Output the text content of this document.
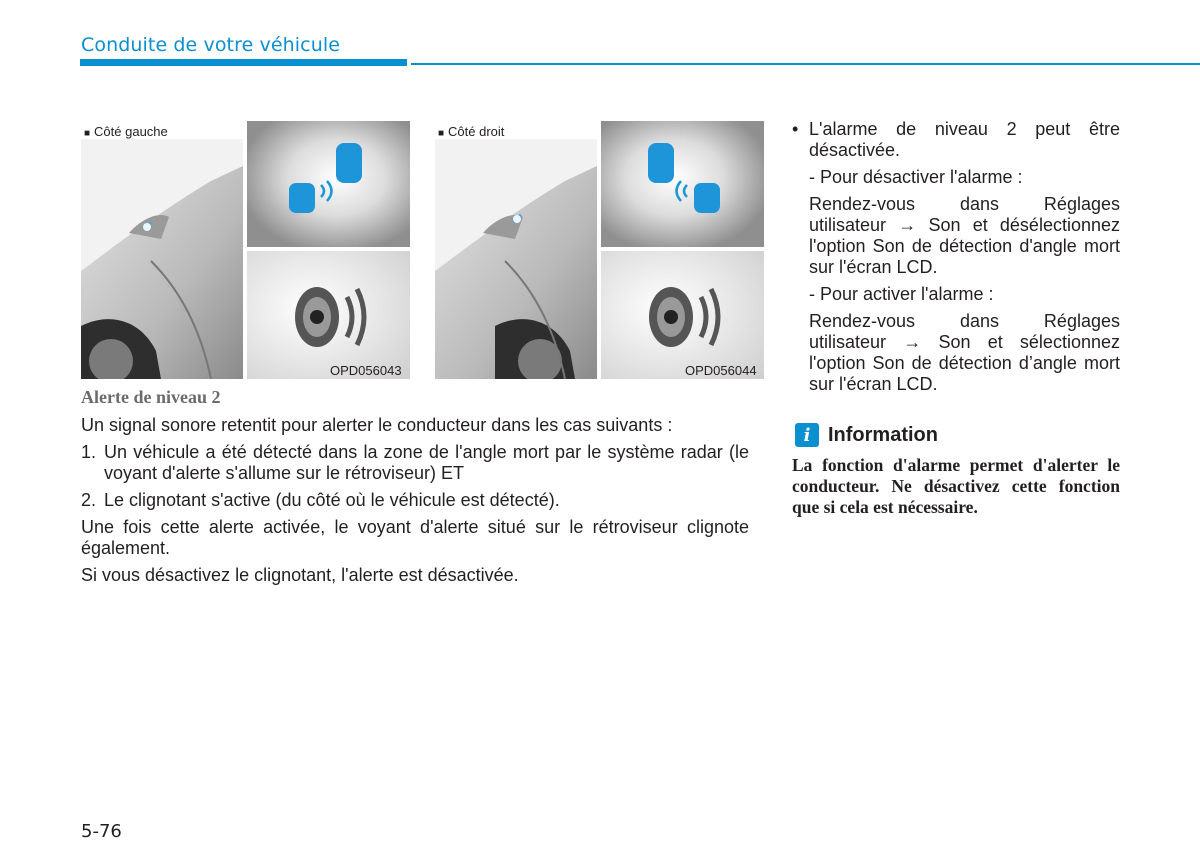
Conduite de votre véhicule
■ Côté gauche
OPD056043
■ Côté droit
OPD056044
Alerte de niveau 2
Un signal sonore retentit pour alerter le conducteur dans les cas suivants :
1. Un véhicule a été détecté dans la zone de l'angle mort par le système radar (le voyant d'alerte s'allume sur le rétroviseur) ET
2. Le clignotant s'active (du côté où le véhicule est détecté).
Une fois cette alerte activée, le voyant d'alerte situé sur le rétroviseur clignote également.
Si vous désactivez le clignotant, l'alerte est désactivée.
• L'alarme de niveau 2 peut être désactivée.
- Pour désactiver l'alarme :
Rendez-vous dans Réglages utilisateur → Son et désélectionnez l'option Son de détection d'angle mort sur l'écran LCD.
- Pour activer l'alarme :
Rendez-vous dans Réglages utilisateur → Son et sélectionnez l'option Son de détection d’angle mort sur l'écran LCD.
i Information
La fonction d'alarme permet d'alerter le conducteur. Ne désactivez cette fonction que si cela est nécessaire.
5-76
